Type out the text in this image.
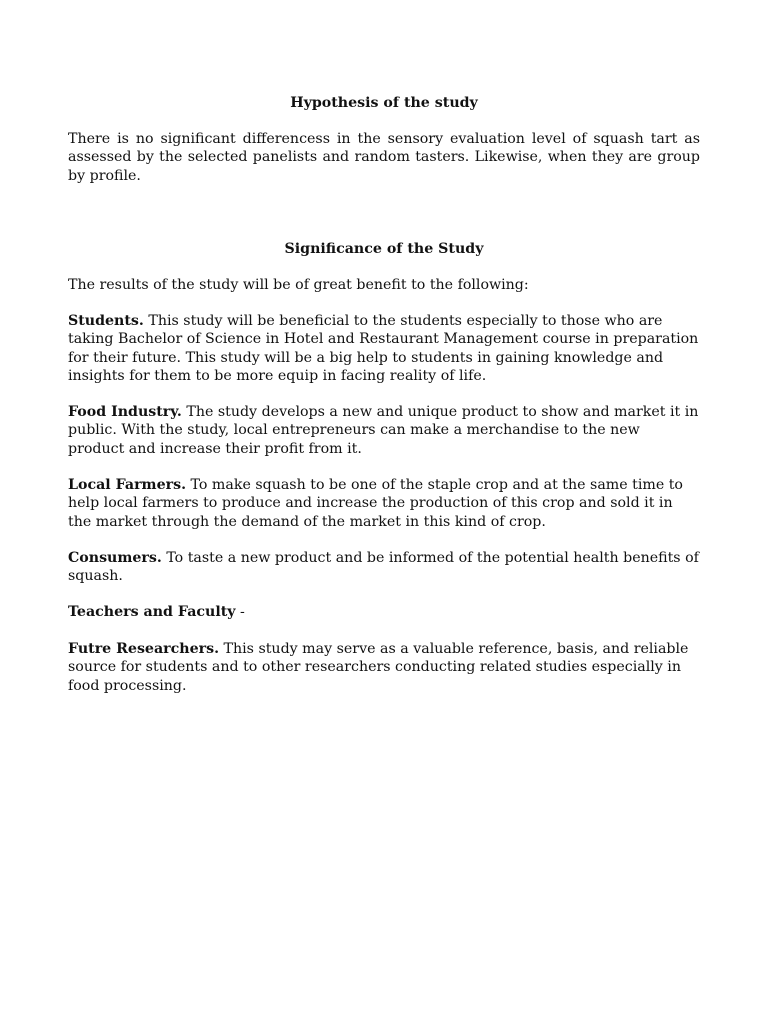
Hypothesis of the study

There is no significant differencess in the sensory evaluation level of squash tart as assessed by the selected panelists and random tasters. Likewise, when they are group by profile.

Significance of the Study

The results of the study will be of great benefit to the following:

Students. This study will be beneficial to the students especially to those who are taking Bachelor of Science in Hotel and Restaurant Management course in preparation for their future. This study will be a big help to students in gaining knowledge and insights for them to be more equip in facing reality of life.

Food Industry. The study develops a new and unique product to show and market it in public. With the study, local entrepreneurs can make a merchandise to the new product and increase their profit from it.

Local Farmers. To make squash to be one of the staple crop and at the same time to help local farmers to produce and increase the production of this crop and sold it in the market through the demand of the market in this kind of crop.

Consumers. To taste a new product and be informed of the potential health benefits of squash.

Teachers and Faculty -

Futre Researchers. This study may serve as a valuable reference, basis, and reliable source for students and to other researchers conducting related studies especially in food processing.
